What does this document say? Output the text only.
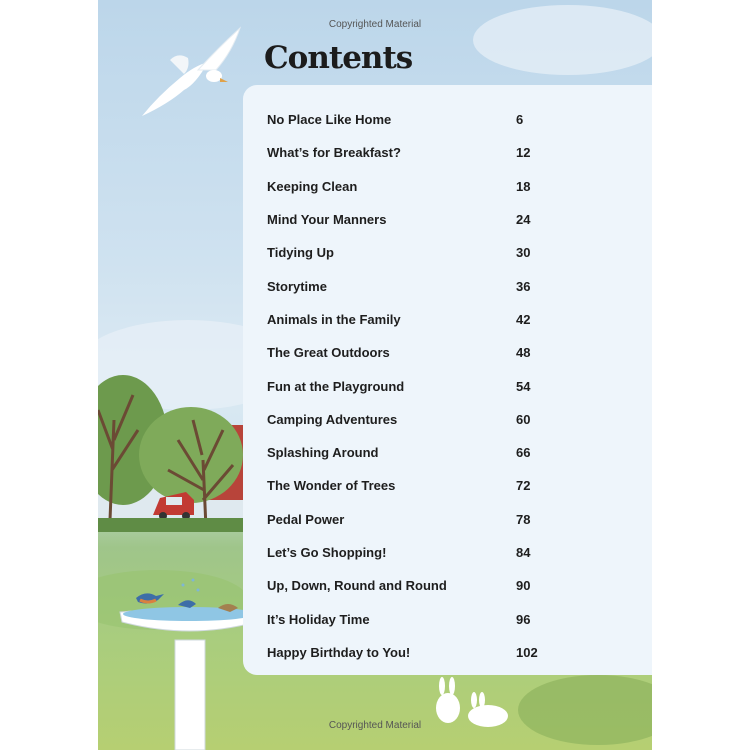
Copyrighted Material
Contents
No Place Like Home	6
What’s for Breakfast?	12
Keeping Clean	18
Mind Your Manners	24
Tidying Up	30
Storytime	36
Animals in the Family	42
The Great Outdoors	48
Fun at the Playground	54
Camping Adventures	60
Splashing Around	66
The Wonder of Trees	72
Pedal Power	78
Let’s Go Shopping!	84
Up, Down, Round and Round	90
It’s Holiday Time	96
Happy Birthday to You!	102
Copyrighted Material
